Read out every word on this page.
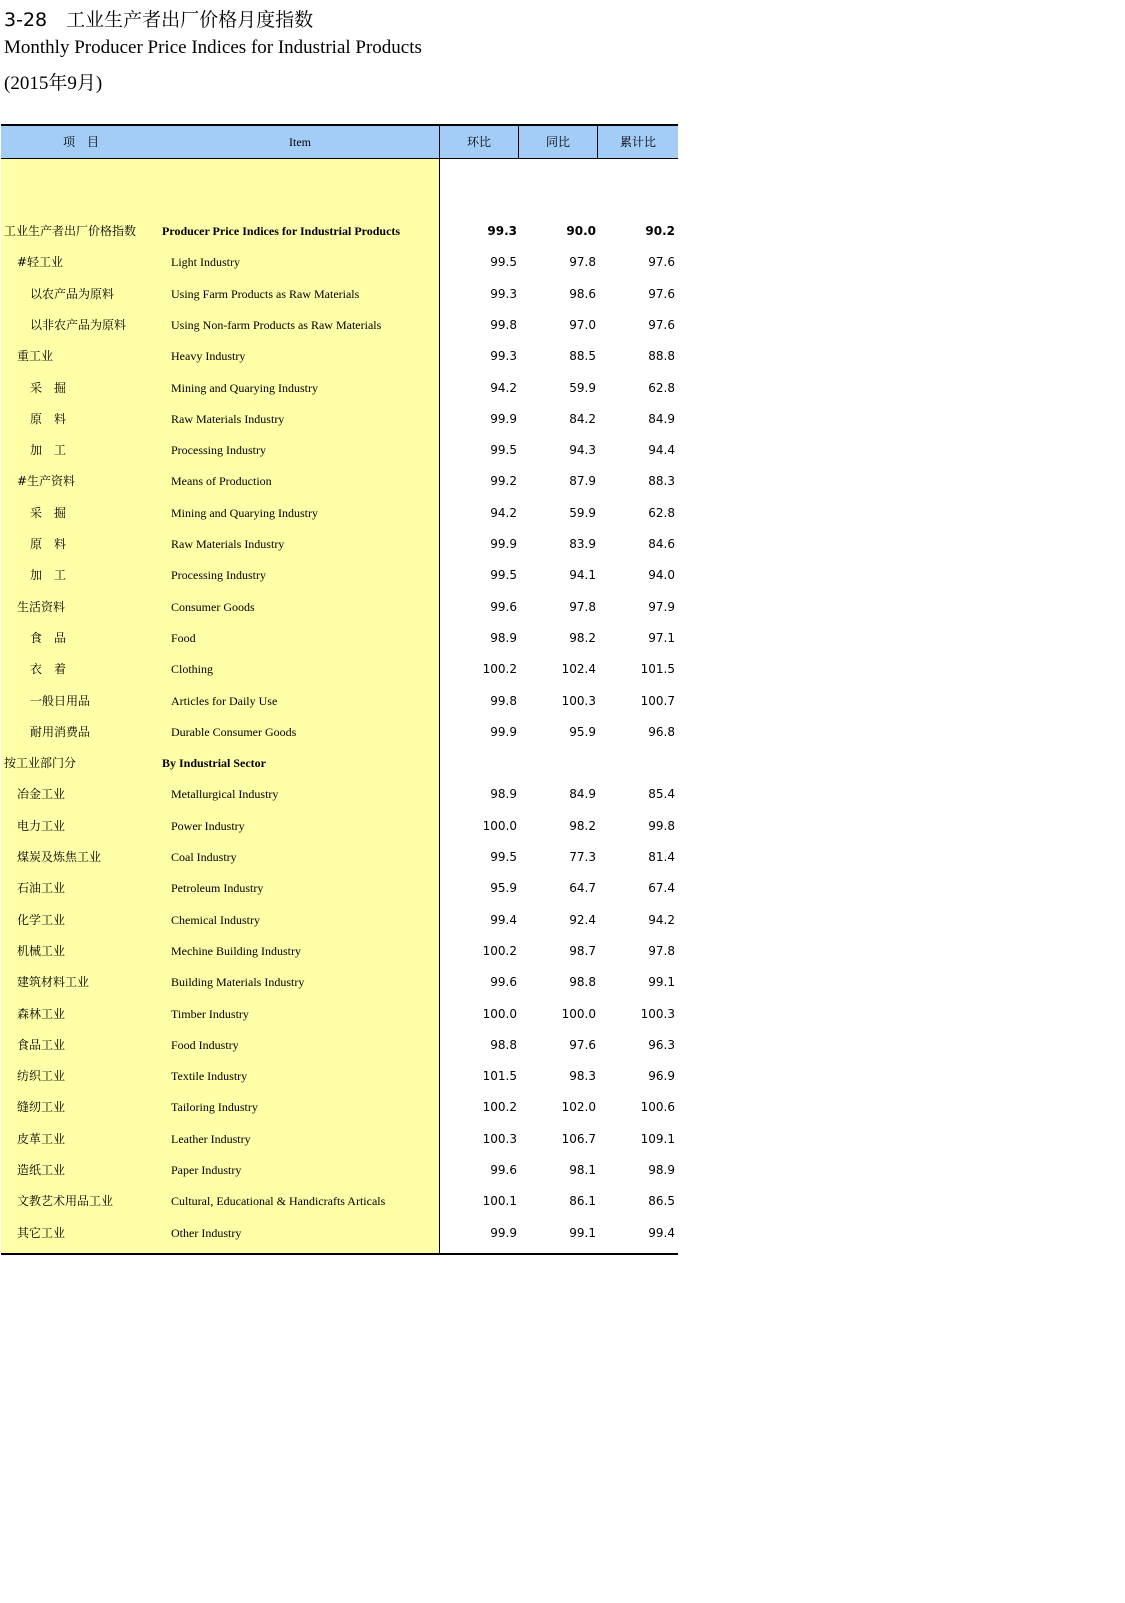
3-28　工业生产者出厂价格月度指数
Monthly Producer Price Indices for Industrial Products
(2015年9月)
项　目	Item	环比	同比	累计比
工业生产者出厂价格指数 Producer Price Indices for Industrial Products	99.3	90.0	90.2
#轻工业	Light Industry	99.5	97.8	97.6
以农产品为原料	Using Farm Products as Raw Materials	99.3	98.6	97.6
以非农产品为原料	Using Non-farm Products as Raw Materials	99.8	97.0	97.6
重工业	Heavy Industry	99.3	88.5	88.8
采　掘	Mining and Quarying Industry	94.2	59.9	62.8
原　料	Raw Materials Industry	99.9	84.2	84.9
加　工	Processing Industry	99.5	94.3	94.4
#生产资料	Means of Production	99.2	87.9	88.3
采　掘	Mining and Quarying Industry	94.2	59.9	62.8
原　料	Raw Materials Industry	99.9	83.9	84.6
加　工	Processing Industry	99.5	94.1	94.0
生活资料	Consumer Goods	99.6	97.8	97.9
食　品	Food	98.9	98.2	97.1
衣　着	Clothing	100.2	102.4	101.5
一般日用品	Articles for Daily Use	99.8	100.3	100.7
耐用消费品	Durable Consumer Goods	99.9	95.9	96.8
按工业部门分	By Industrial Sector
冶金工业	Metallurgical Industry	98.9	84.9	85.4
电力工业	Power Industry	100.0	98.2	99.8
煤炭及炼焦工业	Coal Industry	99.5	77.3	81.4
石油工业	Petroleum Industry	95.9	64.7	67.4
化学工业	Chemical Industry	99.4	92.4	94.2
机械工业	Mechine Building Industry	100.2	98.7	97.8
建筑材料工业	Building Materials Industry	99.6	98.8	99.1
森林工业	Timber Industry	100.0	100.0	100.3
食品工业	Food Industry	98.8	97.6	96.3
纺织工业	Textile Industry	101.5	98.3	96.9
缝纫工业	Tailoring Industry	100.2	102.0	100.6
皮革工业	Leather Industry	100.3	106.7	109.1
造纸工业	Paper Industry	99.6	98.1	98.9
文教艺术用品工业	Cultural, Educational & Handicrafts Articals	100.1	86.1	86.5
其它工业	Other Industry	99.9	99.1	99.4
